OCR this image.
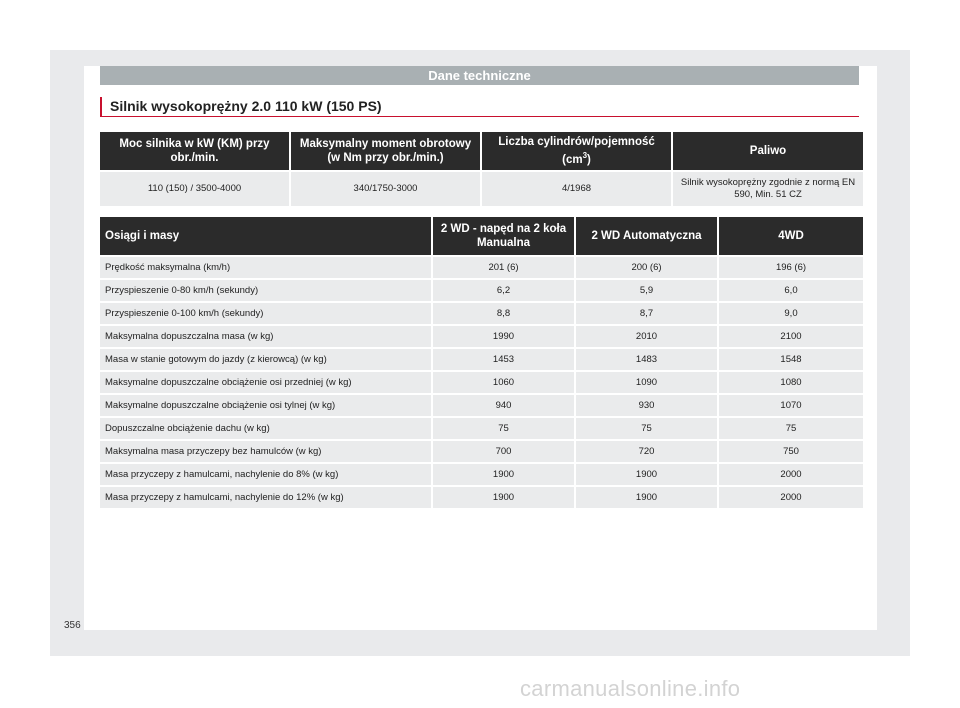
Dane techniczne
Silnik wysokoprężny 2.0 110 kW (150 PS)
Moc silnika w kW (KM) przy obr./min.	Maksymalny moment obrotowy (w Nm przy obr./min.)	Liczba cylindrów/pojemność $(cm^3)$	Paliwo
110 (150) / 3500-4000	340/1750-3000	4/1968	Silnik wysokoprężny zgodnie z normą EN 590, Min. 51 CZ
Osiągi i masy	2 WD - napęd na 2 koła Manualna	2 WD Automatyczna	4WD
Prędkość maksymalna (km/h)	201 (6)	200 (6)	196 (6)
Przyspieszenie 0-80 km/h (sekundy)	6,2	5,9	6,0
Przyspieszenie 0-100 km/h (sekundy)	8,8	8,7	9,0
Maksymalna dopuszczalna masa (w kg)	1990	2010	2100
Masa w stanie gotowym do jazdy (z kierowcą) (w kg)	1453	1483	1548
Maksymalne dopuszczalne obciążenie osi przedniej (w kg)	1060	1090	1080
Maksymalne dopuszczalne obciążenie osi tylnej (w kg)	940	930	1070
Dopuszczalne obciążenie dachu (w kg)	75	75	75
Maksymalna masa przyczepy bez hamulców (w kg)	700	720	750
Masa przyczepy z hamulcami, nachylenie do 8% (w kg)	1900	1900	2000
Masa przyczepy z hamulcami, nachylenie do 12% (w kg)	1900	1900	2000
356
carmanualsonline.info
